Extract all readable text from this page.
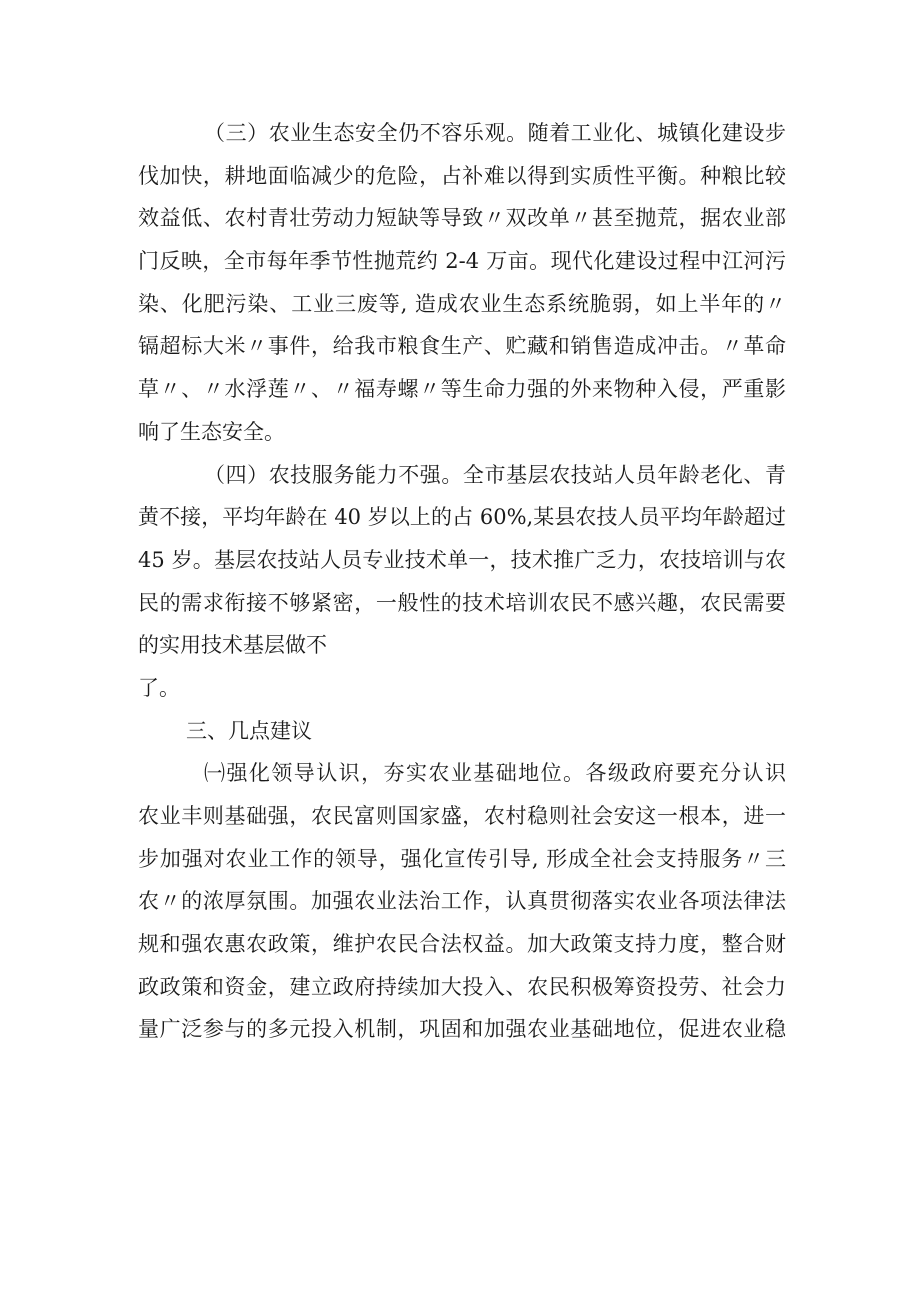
（三）农业生态安全仍不容乐观。随着工业化、城镇化建设步
伐加快，耕地面临减少的危险，占补难以得到实质性平衡。种粮比较
效益低、农村青壮劳动力短缺等导致〃双改单〃甚至抛荒，据农业部
门反映，全市每年季节性抛荒约 2-4 万亩。现代化建设过程中江河污
染、化肥污染、工业三废等, 造成农业生态系统脆弱，如上半年的〃
镉超标大米〃事件，给我市粮食生产、贮藏和销售造成冲击。〃革命
草〃、〃水浮莲〃、〃福寿螺〃等生命力强的外来物种入侵，严重影
响了生态安全。
（四）农技服务能力不强。全市基层农技站人员年龄老化、青
黄不接，平均年龄在 40 岁以上的占 60%,某县农技人员平均年龄超过
45 岁。基层农技站人员专业技术单一，技术推广乏力，农技培训与农
民的需求衔接不够紧密，一般性的技术培训农民不感兴趣，农民需要
的实用技术基层做不
了。
三、几点建议
㈠强化领导认识，夯实农业基础地位。各级政府要充分认识
农业丰则基础强，农民富则国家盛，农村稳则社会安这一根本，进一
步加强对农业工作的领导，强化宣传引导, 形成全社会支持服务〃三
农〃的浓厚氛围。加强农业法治工作，认真贯彻落实农业各项法律法
规和强农惠农政策，维护农民合法权益。加大政策支持力度，整合财
政政策和资金，建立政府持续加大投入、农民积极筹资投劳、社会力
量广泛参与的多元投入机制，巩固和加强农业基础地位，促进农业稳
